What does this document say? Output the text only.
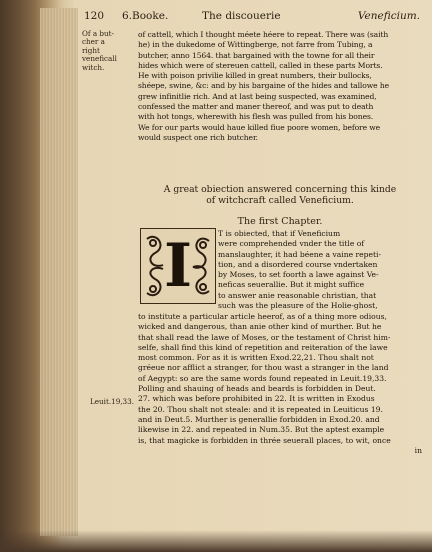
120 6.Booke.	The discouerie	Veneficium.
Of a but-
cher a right
veneficall
witch.
of cattell, which I thought méete héere to repeat. There was (saith
he) in the dukedome of Wittingberge, not farre from Tubing, a
butcher, anno 1564. that bargained with the towne for all their
hides which were of stereuen cattell, called in these parts Morts.
He with poison privilie killed in great numbers, their bullocks,
shéepe, swine, &c: and by his bargaine of the hides and tallowe he
grew infinitlie rich. And at last being suspected, was examined,
confessed the matter and maner thereof, and was put to death
with hot tongs, wherewith his flesh was pulled from his bones.
We for our parts would haue killed fiue poore women, before we
would suspect one rich butcher.
A great obiection answered concerning this kinde
of witchcraft called Veneficium.
The first Chapter.
I	T is obiected, that if Veneficium
were comprehended vnder the title of
manslaughter, it had béene a vaine repeti-
tion, and a disordered course vndertaken
by Moses, to set foorth a lawe against Ve-
neficas seuerallie. But it might suffice
to answer anie reasonable christian, that
such was the pleasure of the Holie-ghost,
Leuit.19,33.
to institute a particular article heerof, as of a thing more odious,
wicked and dangerous, than anie other kind of murther. But he
that shall read the lawe of Moses, or the testament of Christ him-
selfe, shall find this kind of repetition and reiteration of the lawe
most common. For as it is written Exod.22,21. Thou shalt not
gréeue nor afflict a stranger, for thou wast a stranger in the land
of Aegypt: so are the same words found repeated in Leuit.19,33.
Polling and shauing of heads and beards is forbidden in Deut.
27. which was before prohibited in 22. It is written in Exodus
the 20. Thou shalt not steale: and it is repeated in Leuiticus 19.
and in Deut.5. Murther is generallie forbidden in Exod.20. and
likewise in 22. and repeated in Num.35. But the aptest example
is, that magicke is forbidden in thrée seuerall places, to wit, once
in
